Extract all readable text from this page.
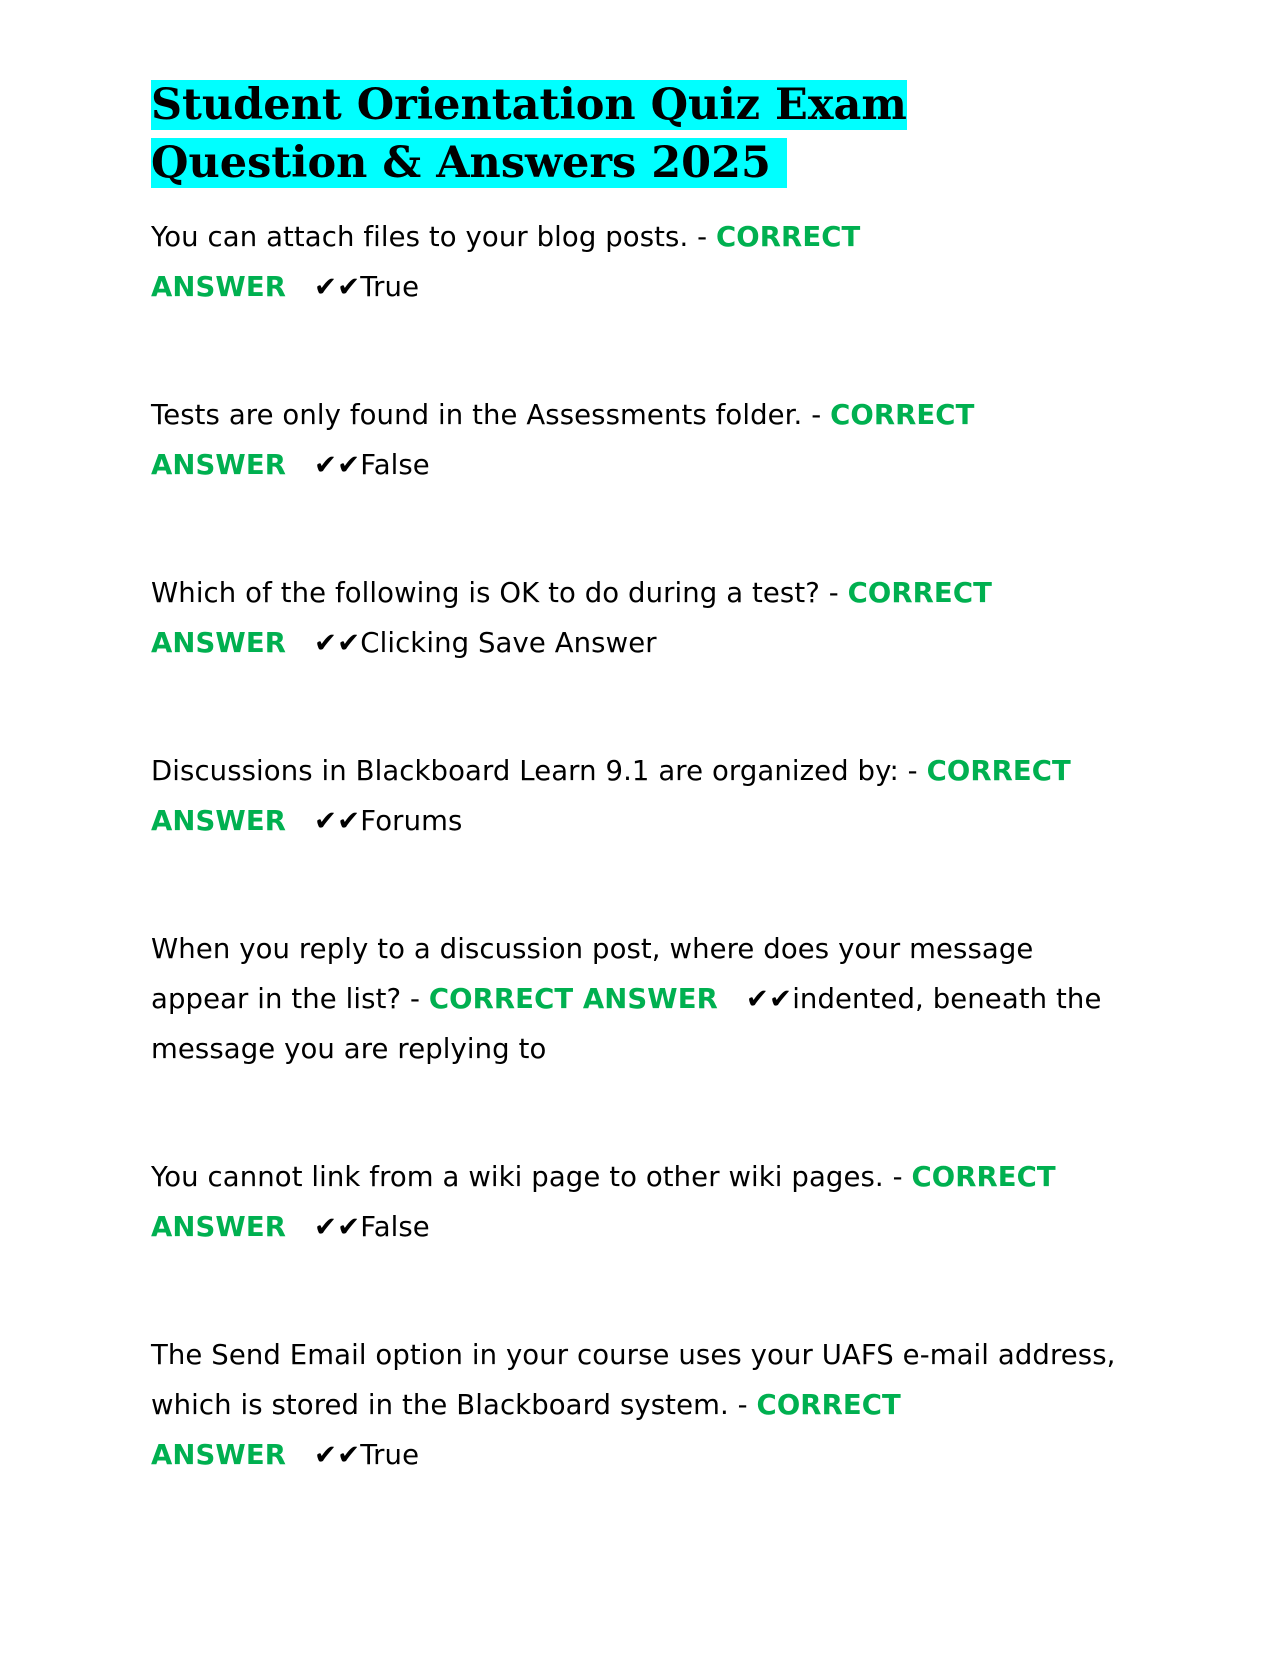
Student Orientation Quiz Exam Question & Answers 2025

You can attach files to your blog posts. - CORRECT ANSWER ✔✔True

Tests are only found in the Assessments folder. - CORRECT ANSWER ✔✔False

Which of the following is OK to do during a test? - CORRECT ANSWER ✔✔Clicking Save Answer

Discussions in Blackboard Learn 9.1 are organized by: - CORRECT ANSWER ✔✔Forums

When you reply to a discussion post, where does your message appear in the list? - CORRECT ANSWER ✔✔indented, beneath the message you are replying to

You cannot link from a wiki page to other wiki pages. - CORRECT ANSWER ✔✔False

The Send Email option in your course uses your UAFS e-mail address, which is stored in the Blackboard system. - CORRECT ANSWER ✔✔True
